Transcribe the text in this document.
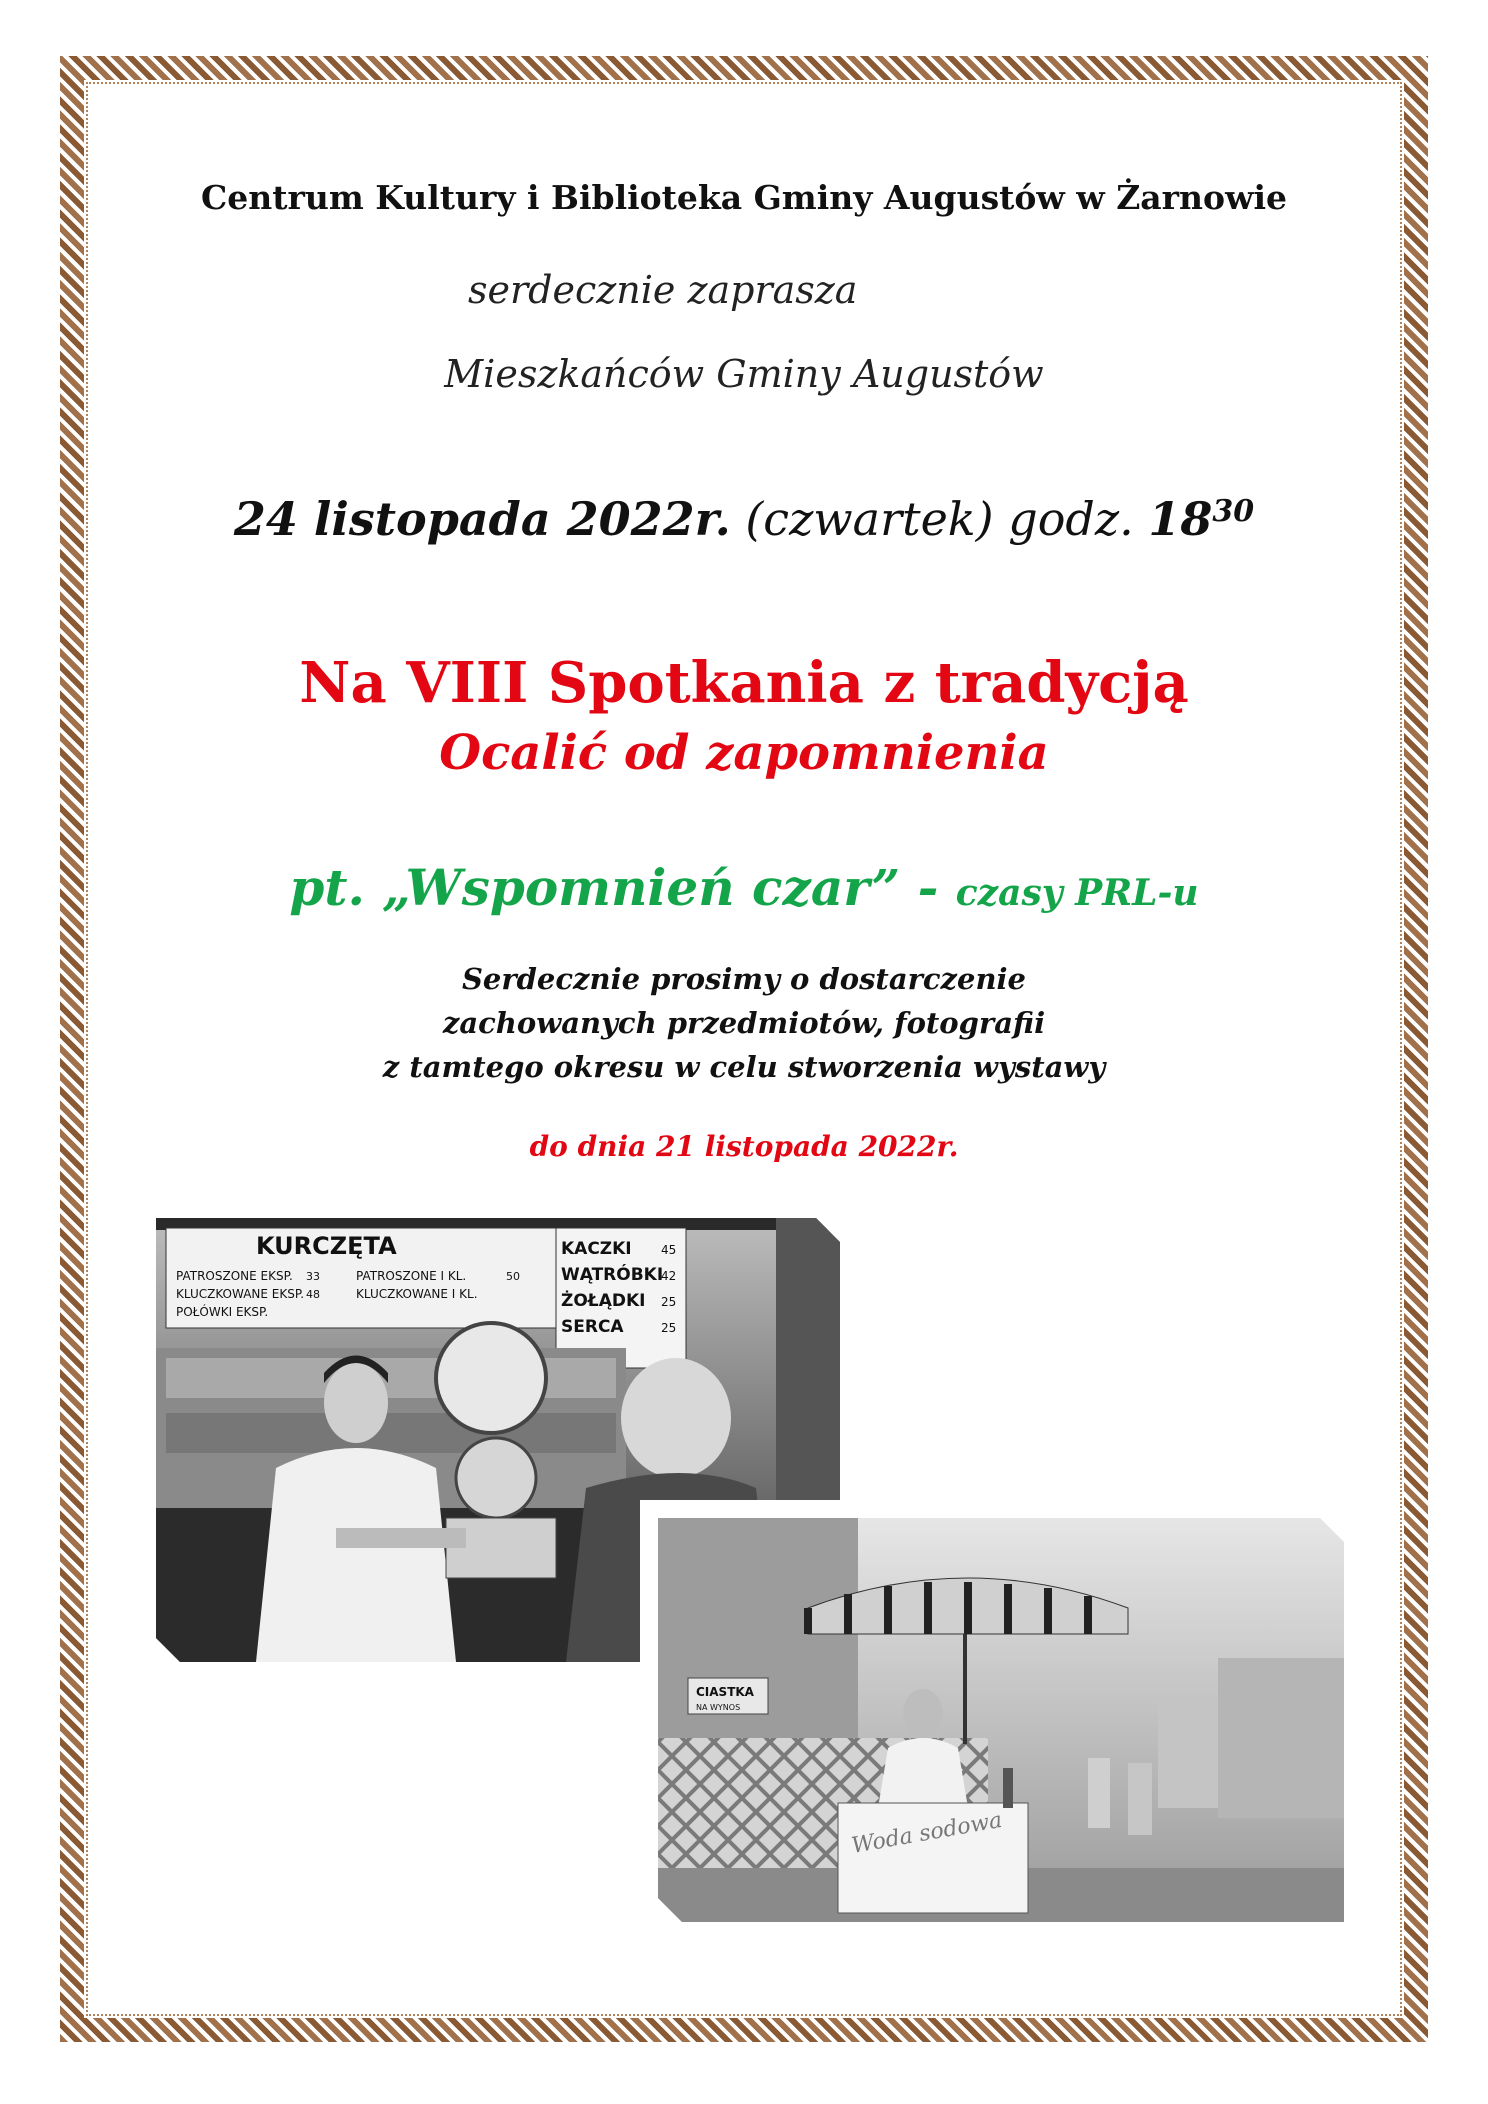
Centrum Kultury i Biblioteka Gminy Augustów w Żarnowie
serdecznie zaprasza
Mieszkańców Gminy Augustów
24 listopada 2022r. (czwartek) godz. $18^{30}$
Na VIII Spotkania z tradycją
Ocalić od zapomnienia
pt. „Wspomnień czar” - czasy PRL-u
Serdecznie prosimy o dostarczenie
zachowanych przedmiotów, fotografii
z tamtego okresu w celu stworzenia wystawy
do dnia 21 listopada 2022r.
KURCZĘTA
PATROSZONE EKSP.
KLUCZKOWANE EKSP.
POŁÓWKI EKSP.
33
48
PATROSZONE I KL.
KLUCZKOWANE I KL.
50
KACZKI
WĄTRÓBKI
ŻOŁĄDKI
SERCA
45
42
25
25
CIASTKA
NA WYNOS
Woda sodowa
